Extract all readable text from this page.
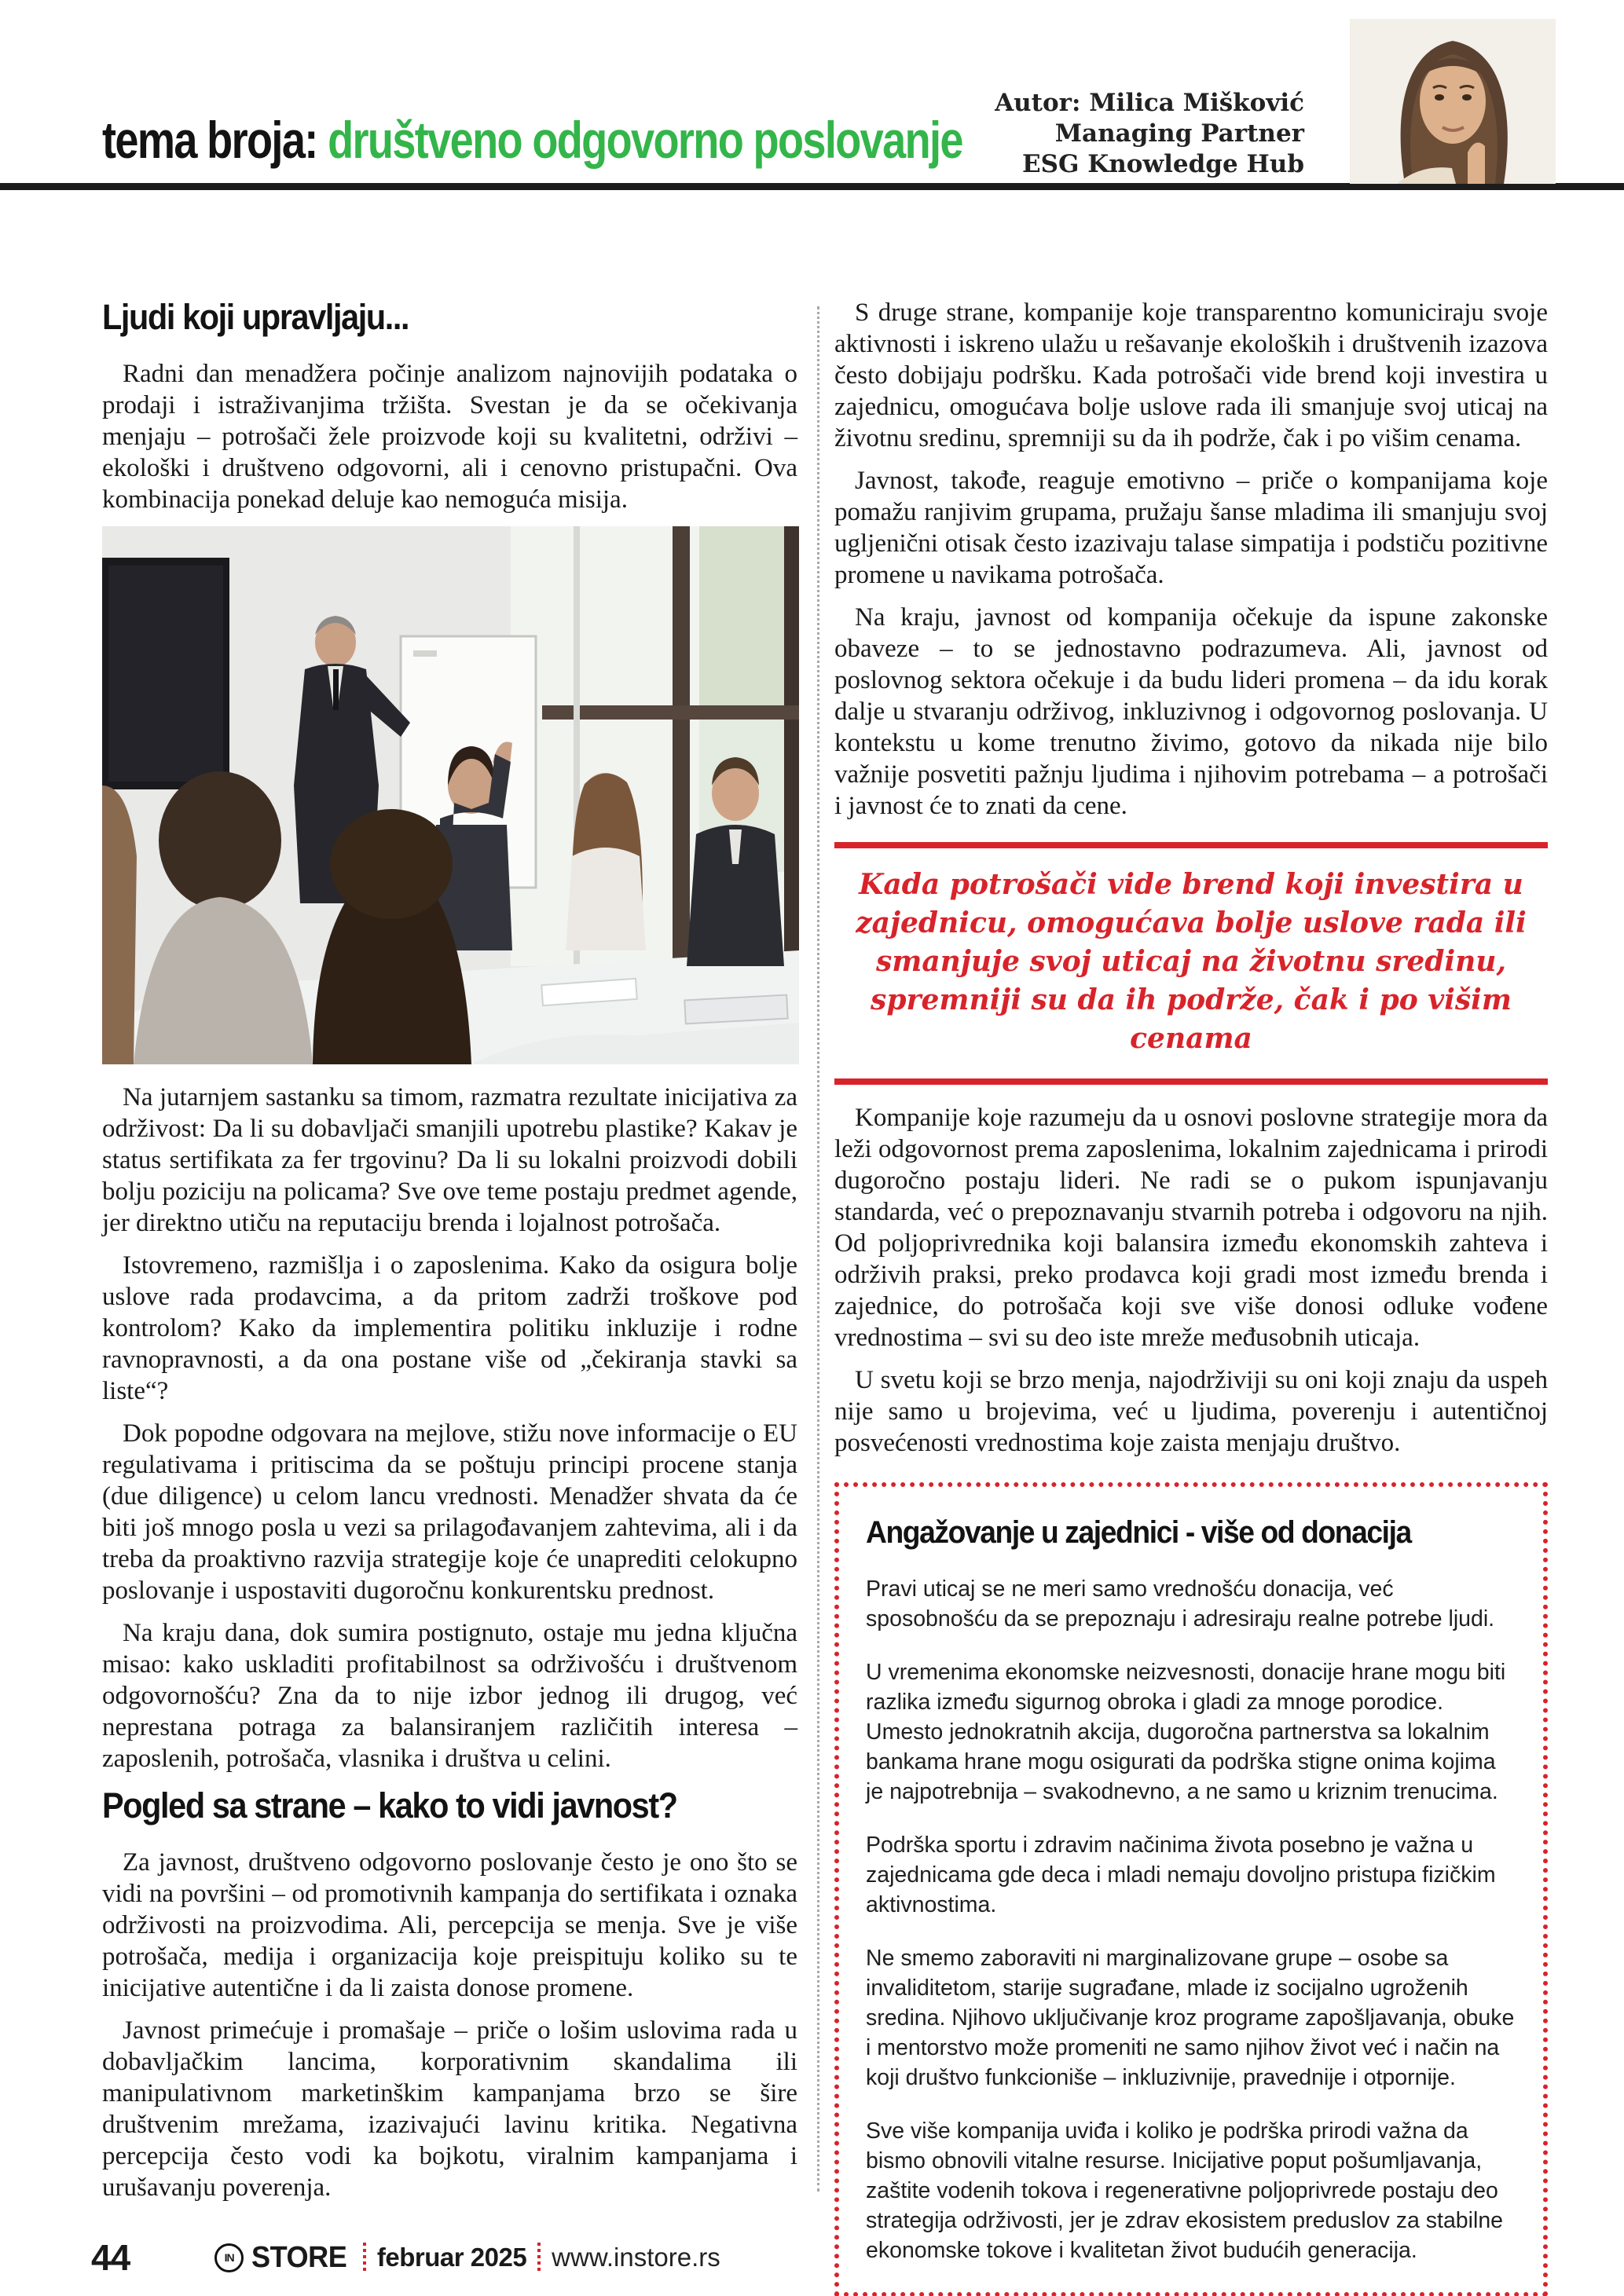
tema broja: društveno odgovorno poslovanje
Autor: Milica Mišković
Managing Partner
ESG Knowledge Hub
Ljudi koji upravljaju...

Radni dan menadžera počinje analizom najnovijih podataka o prodaji i istraživanjima tržišta. Svestan je da se očekivanja menjaju – potrošači žele proizvode koji su kvalitetni, održivi – ekološki i društveno odgovorni, ali i cenovno pristupačni. Ova kombinacija ponekad deluje kao nemoguća misija.

Na jutarnjem sastanku sa timom, razmatra rezultate inicijativa za održivost: Da li su dobavljači smanjili upotrebu plastike? Kakav je status sertifikata za fer trgovinu? Da li su lokalni proizvodi dobili bolju poziciju na policama? Sve ove teme postaju predmet agende, jer direktno utiču na reputaciju brenda i lojalnost potrošača.

Istovremeno, razmišlja i o zaposlenima. Kako da osigura bolje uslove rada prodavcima, a da pritom zadrži troškove pod kontrolom? Kako da implementira politiku inkluzije i rodne ravnopravnosti, a da ona postane više od „čekiranja stavki sa liste“?

Dok popodne odgovara na mejlove, stižu nove informacije o EU regulativama i pritiscima da se poštuju principi procene stanja (due diligence) u celom lancu vrednosti. Menadžer shvata da će biti još mnogo posla u vezi sa prilagođavanjem zahtevima, ali i da treba da proaktivno razvija strategije koje će unaprediti celokupno poslovanje i uspostaviti dugoročnu konkurentsku prednost.

Na kraju dana, dok sumira postignuto, ostaje mu jedna ključna misao: kako uskladiti profitabilnost sa održivošću i društvenom odgovornošću? Zna da to nije izbor jednog ili drugog, već neprestana potraga za balansiranjem različitih interesa – zaposlenih, potrošača, vlasnika i društva u celini.

Pogled sa strane – kako to vidi javnost?

Za javnost, društveno odgovorno poslovanje često je ono što se vidi na površini – od promotivnih kampanja do sertifikata i oznaka održivosti na proizvodima. Ali, percepcija se menja. Sve je više potrošača, medija i organizacija koje preispituju koliko su te inicijative autentične i da li zaista donose promene.

Javnost primećuje i promašaje – priče o lošim uslovima rada u dobavljačkim lancima, korporativnim skandalima ili manipulativnom marketinškim kampanjama brzo se šire društvenim mrežama, izazivajući lavinu kritika. Negativna percepcija često vodi ka bojkotu, viralnim kampanjama i urušavanju poverenja.

S druge strane, kompanije koje transparentno komuniciraju svoje aktivnosti i iskreno ulažu u rešavanje ekoloških i društvenih izazova često dobijaju podršku. Kada potrošači vide brend koji investira u zajednicu, omogućava bolje uslove rada ili smanjuje svoj uticaj na životnu sredinu, spremniji su da ih podrže, čak i po višim cenama.

Javnost, takođe, reaguje emotivno – priče o kompanijama koje pomažu ranjivim grupama, pružaju šanse mladima ili smanjuju svoj ugljenični otisak često izazivaju talase simpatija i podstiču pozitivne promene u navikama potrošača.

Na kraju, javnost od kompanija očekuje da ispune zakonske obaveze – to se jednostavno podrazumeva. Ali, javnost od poslovnog sektora očekuje i da budu lideri promena – da idu korak dalje u stvaranju održivog, inkluzivnog i odgovornog poslovanja. U kontekstu u kome trenutno živimo, gotovo da nikada nije bilo važnije posvetiti pažnju ljudima i njihovim potrebama – a potrošači i javnost će to znati da cene.

Kada potrošači vide brend koji investira u zajednicu, omogućava bolje uslove rada ili smanjuje svoj uticaj na životnu sredinu, spremniji su da ih podrže, čak i po višim cenama

Kompanije koje razumeju da u osnovi poslovne strategije mora da leži odgovornost prema zaposlenima, lokalnim zajednicama i prirodi dugoročno postaju lideri. Ne radi se o pukom ispunjavanju standarda, već o prepoznavanju stvarnih potreba i odgovoru na njih. Od poljoprivrednika koji balansira između ekonomskih zahteva i održivih praksi, preko prodavca koji gradi most između brenda i zajednice, do potrošača koji sve više donosi odluke vođene vrednostima – svi su deo iste mreže međusobnih uticaja.

U svetu koji se brzo menja, najodrživiji su oni koji znaju da uspeh nije samo u brojevima, već u ljudima, poverenju i autentičnoj posvećenosti vrednostima koje zaista menjaju društvo.

Angažovanje u zajednici - više od donacija

Pravi uticaj se ne meri samo vrednošću donacija, već sposobnošću da se prepoznaju i adresiraju realne potrebe ljudi.

U vremenima ekonomske neizvesnosti, donacije hrane mogu biti razlika između sigurnog obroka i gladi za mnoge porodice. Umesto jednokratnih akcija, dugoročna partnerstva sa lokalnim bankama hrane mogu osigurati da podrška stigne onima kojima je najpotrebnija – svakodnevno, a ne samo u kriznim trenucima.

Podrška sportu i zdravim načinima života posebno je važna u zajednicama gde deca i mladi nemaju dovoljno pristupa fizičkim aktivnostima.

Ne smemo zaboraviti ni marginalizovane grupe – osobe sa invaliditetom, starije sugrađane, mlade iz socijalno ugroženih sredina. Njihovo uključivanje kroz programe zapošljavanja, obuke i mentorstvo može promeniti ne samo njihov život već i način na koji društvo funkcioniše – inkluzivnije, pravednije i otpornije.

Sve više kompanija uviđa i koliko je podrška prirodi važna da bismo obnovili vitalne resurse. Inicijative poput pošumljavanja, zaštite vodenih tokova i regenerativne poljoprivrede postaju deo strategija održivosti, jer je zdrav ekosistem preduslov za stabilne ekonomske tokove i kvalitetan život budućih generacija.

44	IN STORE februar 2025 www.instore.rs
